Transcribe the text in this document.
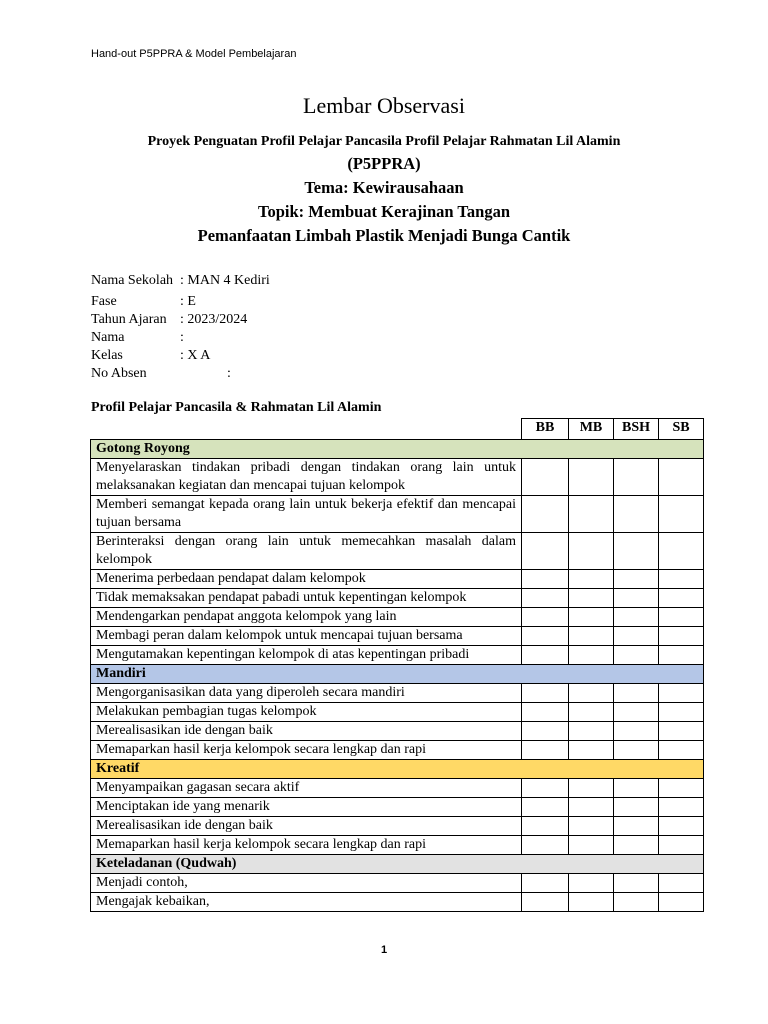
Hand-out P5PPRA & Model Pembelajaran
Lembar Observasi
Proyek Penguatan Profil Pelajar Pancasila Profil Pelajar Rahmatan Lil Alamin
(P5PPRA)
Tema: Kewirausahaan
Topik: Membuat Kerajinan Tangan
Pemanfaatan Limbah Plastik Menjadi Bunga Cantik
Nama Sekolah : MAN 4 Kediri
Fase	: E
Tahun Ajaran : 2023/2024
Nama	:
Kelas	: X A
No Absen	:
Profil Pelajar Pancasila & Rahmatan Lil Alamin
	BB	MB	BSH	SB
Gotong Royong				
Menyelaraskan tindakan pribadi dengan tindakan orang lain untuk melaksanakan kegiatan dan mencapai tujuan kelompok				
Memberi semangat kepada orang lain untuk bekerja efektif dan mencapai tujuan bersama				
Berinteraksi dengan orang lain untuk memecahkan masalah dalam kelompok				
Menerima perbedaan pendapat dalam kelompok				
Tidak memaksakan pendapat pabadi untuk kepentingan kelompok				
Mendengarkan pendapat anggota kelompok yang lain				
Membagi peran dalam kelompok untuk mencapai tujuan bersama				
Mengutamakan kepentingan kelompok di atas kepentingan pribadi				
Mandiri				
Mengorganisasikan data yang diperoleh secara mandiri				
Melakukan pembagian tugas kelompok				
Merealisasikan ide dengan baik				
Memaparkan hasil kerja kelompok secara lengkap dan rapi				
Kreatif				
Menyampaikan gagasan secara aktif				
Menciptakan ide yang menarik				
Merealisasikan ide dengan baik				
Memaparkan hasil kerja kelompok secara lengkap dan rapi				
Keteladanan (Qudwah)				
Menjadi contoh,				
Mengajak kebaikan,				
1
